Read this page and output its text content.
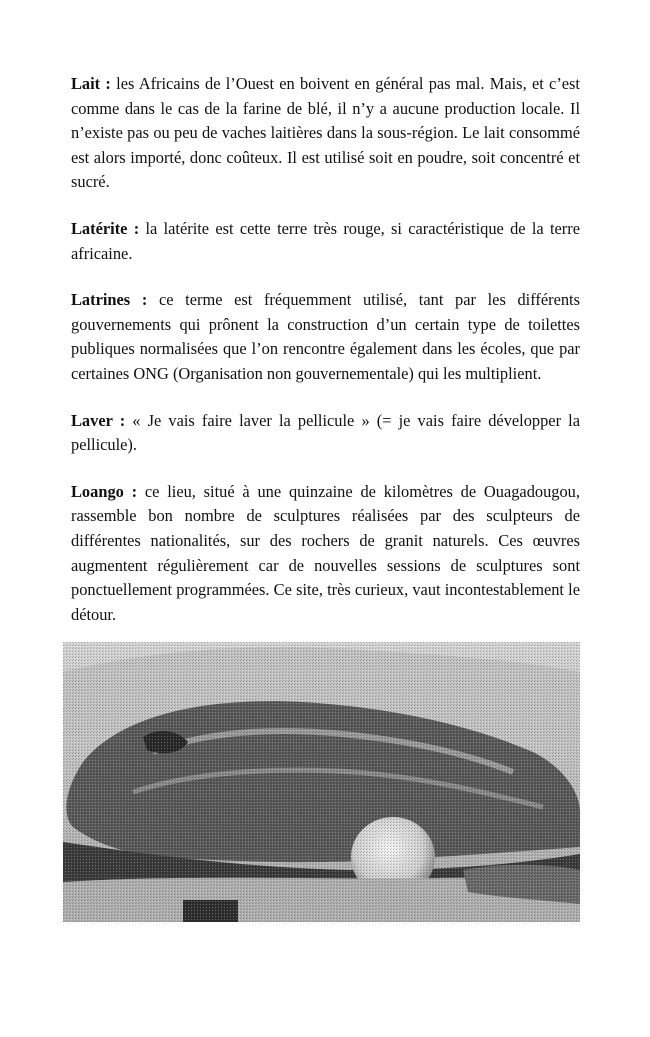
Lait : les Africains de l’Ouest en boivent en général pas mal. Mais, et c’est comme dans le cas de la farine de blé, il n’y a aucune production locale. Il n’existe pas ou peu de vaches laitières dans la sous-région. Le lait consommé est alors importé, donc coûteux. Il est utilisé soit en poudre, soit concentré et sucré.

Latérite : la latérite est cette terre très rouge, si caractéristique de la terre africaine.

Latrines : ce terme est fréquemment utilisé, tant par les différents gouvernements qui prônent la construction d’un certain type de toilettes publiques normalisées que l’on rencontre également dans les écoles, que par certaines ONG (Organisation non gouvernementale) qui les multiplient.

Laver : « Je vais faire laver la pellicule » (= je vais faire développer la pellicule).

Loango : ce lieu, situé à une quinzaine de kilomètres de Ouagadougou, rassemble bon nombre de sculptures réalisées par des sculpteurs de différentes nationalités, sur des rochers de granit naturels. Ces œuvres augmentent régulièrement car de nouvelles sessions de sculptures sont ponctuellement programmées. Ce site, très curieux, vaut incontestablement le détour.
